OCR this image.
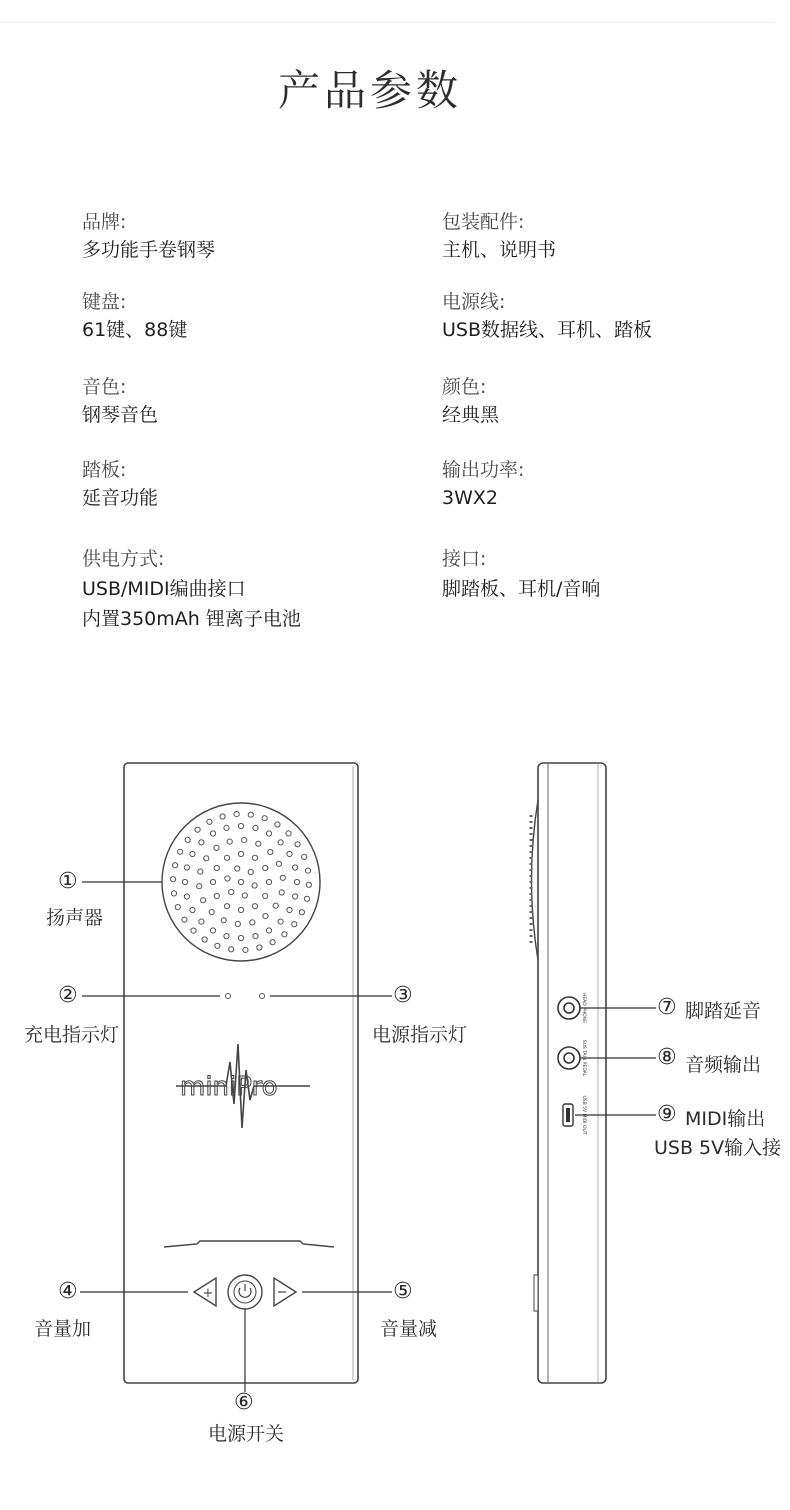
产品参数
品牌:
多功能手卷钢琴
包装配件:
主机、说明书
键盘:
61键、88键
电源线:
USB数据线、耳机、踏板
音色:
钢琴音色
颜色:
经典黑
踏板:
延音功能
输出功率:
3WX2
供电方式:
USB/MIDI编曲接口
内置350mAh 锂离子电池
接口:
脚踏板、耳机/音响
miniPro
+
HEAD PHONE
SUS TAIN PEDAL
USB 5V MIDI OUT
①
扬声器
②
充电指示灯
③
电源指示灯
④
音量加
⑤
音量减
⑥
电源开关
⑦ 脚踏延音
⑧ 音频输出
⑨ MIDI输出
USB 5V输入接
